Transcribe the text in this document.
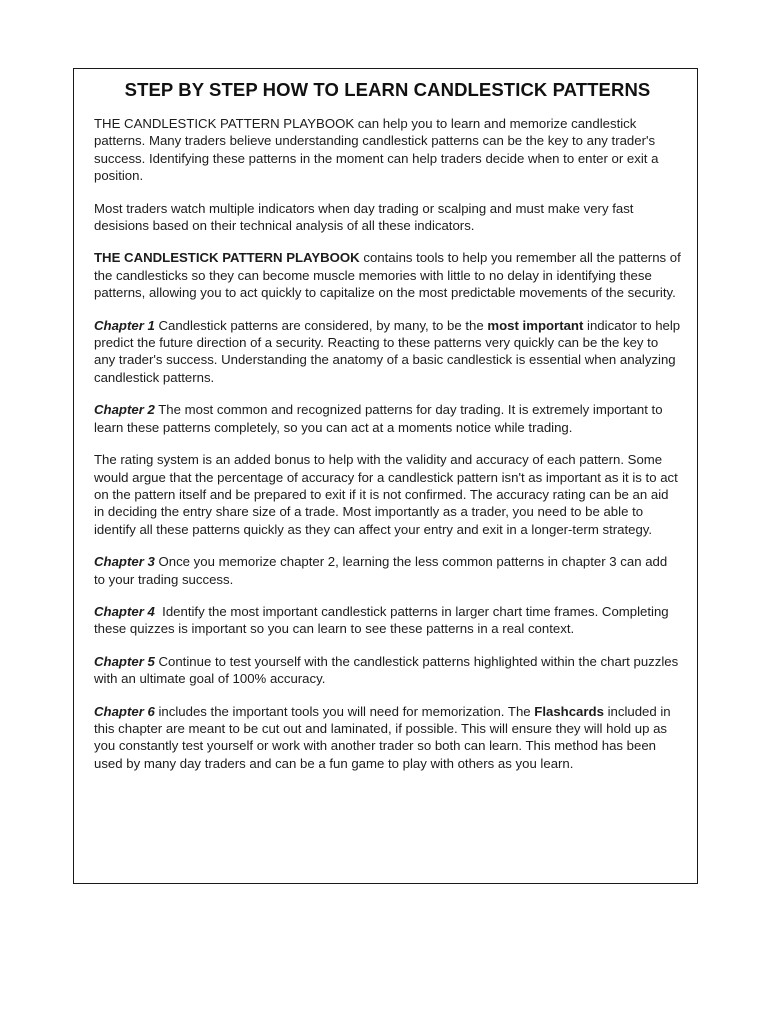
STEP BY STEP HOW TO LEARN CANDLESTICK PATTERNS

THE CANDLESTICK PATTERN PLAYBOOK can help you to learn and memorize candlestick patterns. Many traders believe understanding candlestick patterns can be the key to any trader's success. Identifying these patterns in the moment can help traders decide when to enter or exit a position.

Most traders watch multiple indicators when day trading or scalping and must make very fast desisions based on their technical analysis of all these indicators.

THE CANDLESTICK PATTERN PLAYBOOK contains tools to help you remember all the patterns of the candlesticks so they can become muscle memories with little to no delay in identifying these patterns, allowing you to act quickly to capitalize on the most predictable movements of the security.

Chapter 1 Candlestick patterns are considered, by many, to be the most important indicator to help predict the future direction of a security. Reacting to these patterns very quickly can be the key to any trader's success. Understanding the anatomy of a basic candlestick is essential when analyzing candlestick patterns.

Chapter 2 The most common and recognized patterns for day trading. It is extremely important to learn these patterns completely, so you can act at a moments notice while trading.

The rating system is an added bonus to help with the validity and accuracy of each pattern. Some would argue that the percentage of accuracy for a candlestick pattern isn't as important as it is to act on the pattern itself and be prepared to exit if it is not confirmed. The accuracy rating can be an aid in deciding the entry share size of a trade. Most importantly as a trader, you need to be able to identify all these patterns quickly as they can affect your entry and exit in a longer-term strategy.

Chapter 3 Once you memorize chapter 2, learning the less common patterns in chapter 3 can add to your trading success.

Chapter 4  Identify the most important candlestick patterns in larger chart time frames. Completing these quizzes is important so you can learn to see these patterns in a real context.

Chapter 5 Continue to test yourself with the candlestick patterns highlighted within the chart puzzles with an ultimate goal of 100% accuracy.

Chapter 6 includes the important tools you will need for memorization. The Flashcards included in this chapter are meant to be cut out and laminated, if possible. This will ensure they will hold up as you constantly test yourself or work with another trader so both can learn. This method has been used by many day traders and can be a fun game to play with others as you learn.
